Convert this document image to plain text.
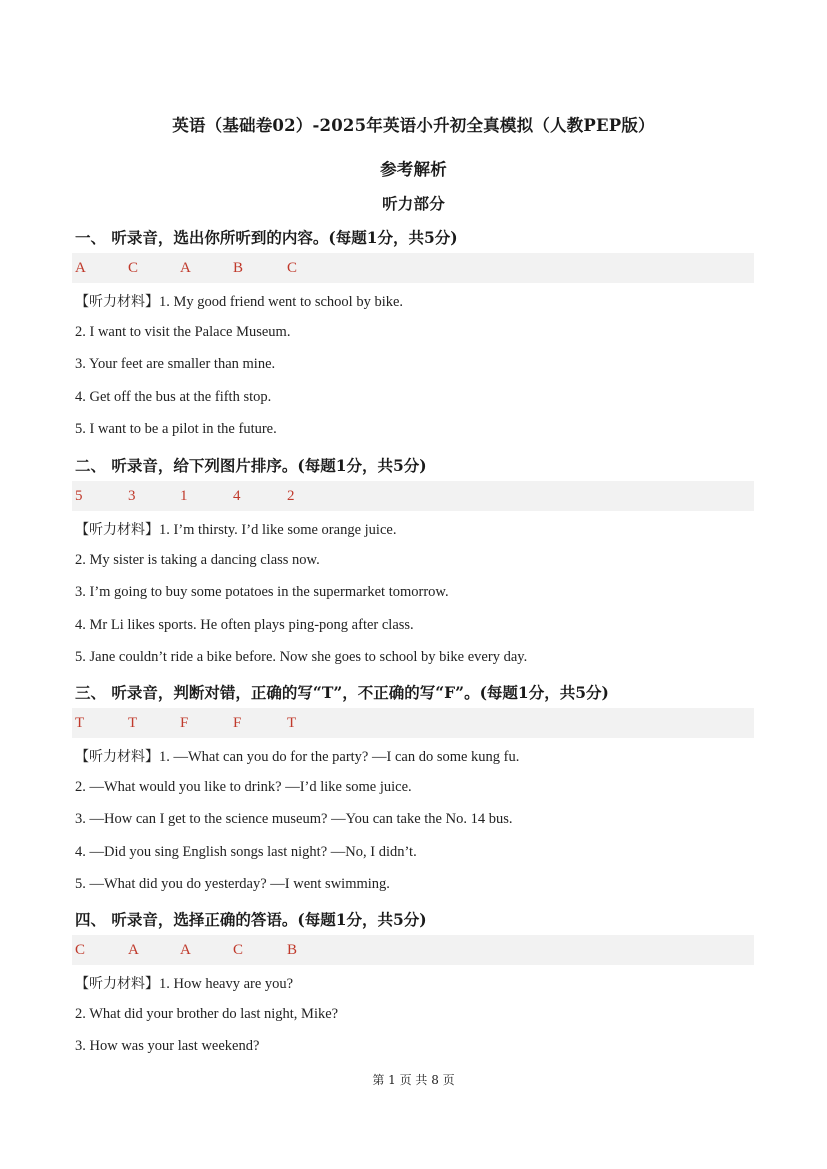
英语（基础卷02）-2025年英语小升初全真模拟（人教PEP版）
参考解析
听力部分
一、 听录音，选出你所听到的内容。(每题1分，共5分)
A	C	A	B	C
【听力材料】1. My good friend went to school by bike.
2. I want to visit the Palace Museum.
3. Your feet are smaller than mine.
4. Get off the bus at the fifth stop.
5. I want to be a pilot in the future.
二、 听录音，给下列图片排序。(每题1分，共5分)
5	3	1	4	2
【听力材料】1. I’m thirsty. I’d like some orange juice.
2. My sister is taking a dancing class now.
3. I’m going to buy some potatoes in the supermarket tomorrow.
4. Mr Li likes sports. He often plays ping-pong after class.
5. Jane couldn’t ride a bike before. Now she goes to school by bike every day.
三、 听录音，判断对错，正确的写“T”，不正确的写“F”。(每题1分，共5分)
T	T	F	F	T
【听力材料】1. —What can you do for the party? —I can do some kung fu.
2. —What would you like to drink? —I’d like some juice.
3. —How can I get to the science museum? —You can take the No. 14 bus.
4. —Did you sing English songs last night? —No, I didn’t.
5. —What did you do yesterday? —I went swimming.
四、 听录音，选择正确的答语。(每题1分，共5分)
C	A	A	C	B
【听力材料】1. How heavy are you?
2. What did your brother do last night, Mike?
3. How was your last weekend?
第 1 页 共 8 页
